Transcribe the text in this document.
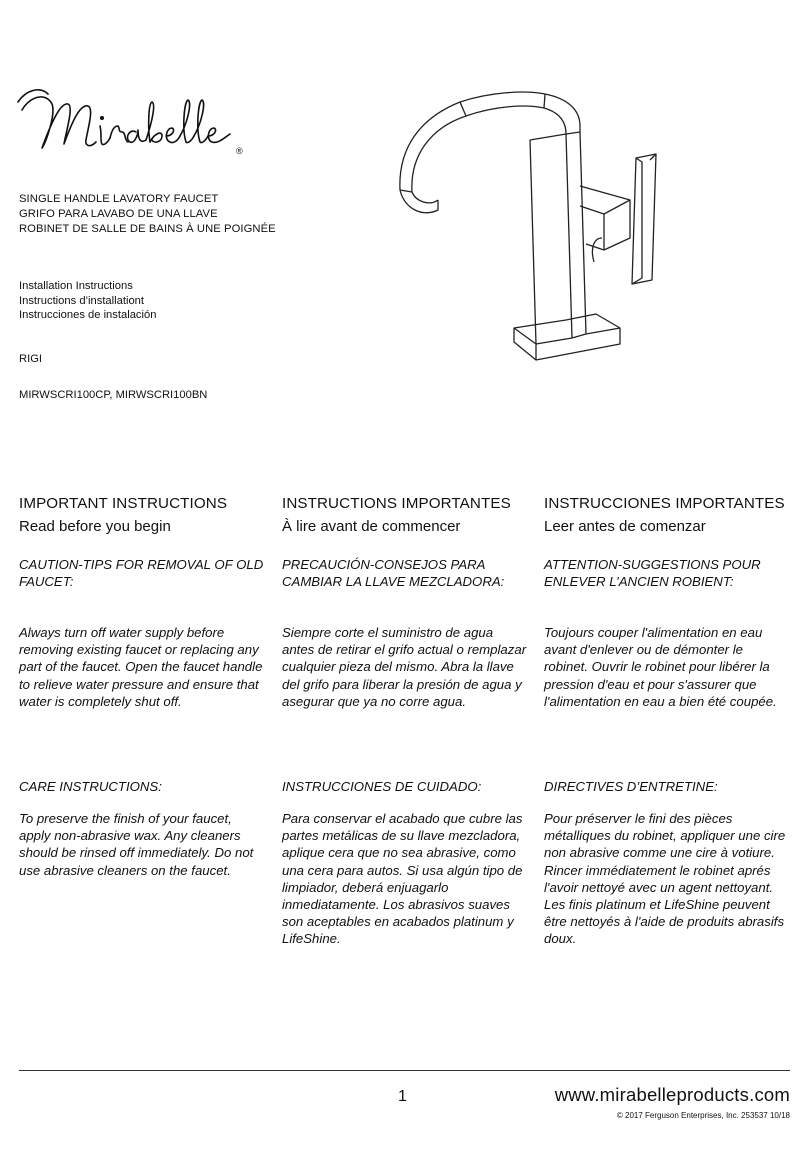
®
SINGLE HANDLE LAVATORY FAUCET
GRIFO PARA LAVABO DE UNA LLAVE
ROBINET DE SALLE DE BAINS À UNE POIGNÉE
Installation Instructions
Instructions d’installationt
Instrucciones de instalación
RIGI
MIRWSCRI100CP, MIRWSCRI100BN
IMPORTANT INSTRUCTIONS
Read before you begin
CAUTION-TIPS FOR REMOVAL OF OLD FAUCET:
Always turn off water supply before removing existing faucet or replacing any part of the faucet. Open the faucet handle to relieve water pressure and ensure that water is completely shut off.
CARE INSTRUCTIONS:
To preserve the finish of your faucet, apply non-abrasive wax. Any cleaners should be rinsed off immediately. Do not use abrasive cleaners on the faucet.
INSTRUCTIONS IMPORTANTES
À lire avant de commencer
PRECAUCIÓN-CONSEJOS PARA CAMBIAR LA LLAVE MEZCLADORA:
Siempre corte el suministro de agua antes de retirar el grifo actual o remplazar cualquier pieza del mismo. Abra la llave del grifo para liberar la presión de agua y asegurar que ya no corre agua.
INSTRUCCIONES DE CUIDADO:
Para conservar el acabado que cubre las partes metálicas de su llave mezcladora, aplique cera que no sea abrasive, como una cera para autos. Si usa algún tipo de limpiador, deberá enjuagarlo inmediatamente. Los abrasivos suaves son aceptables en acabados platinum y LifeShine.
INSTRUCCIONES IMPORTANTES
Leer antes de comenzar
ATTENTION-SUGGESTIONS POUR ENLEVER L’ANCIEN ROBIENT:
Toujours couper l'alimentation en eau avant d'enlever ou de démonter le robinet. Ouvrir le robinet pour libérer la pression d'eau et pour s'assurer que l'alimentation en eau a bien été coupée.
DIRECTIVES D’ENTRETINE:
Pour préserver le fini des pièces métalliques du robinet, appliquer une cire non abrasive comme une cire à votiure. Rincer immédiatement le robinet aprés l'avoir nettoyé avec un agent nettoyant. Les finis platinum et LifeShine peuvent être nettoyés à l'aide de produits abrasifs doux.
1	www.mirabelleproducts.com
© 2017 Ferguson Enterprises, Inc. 253537 10/18
